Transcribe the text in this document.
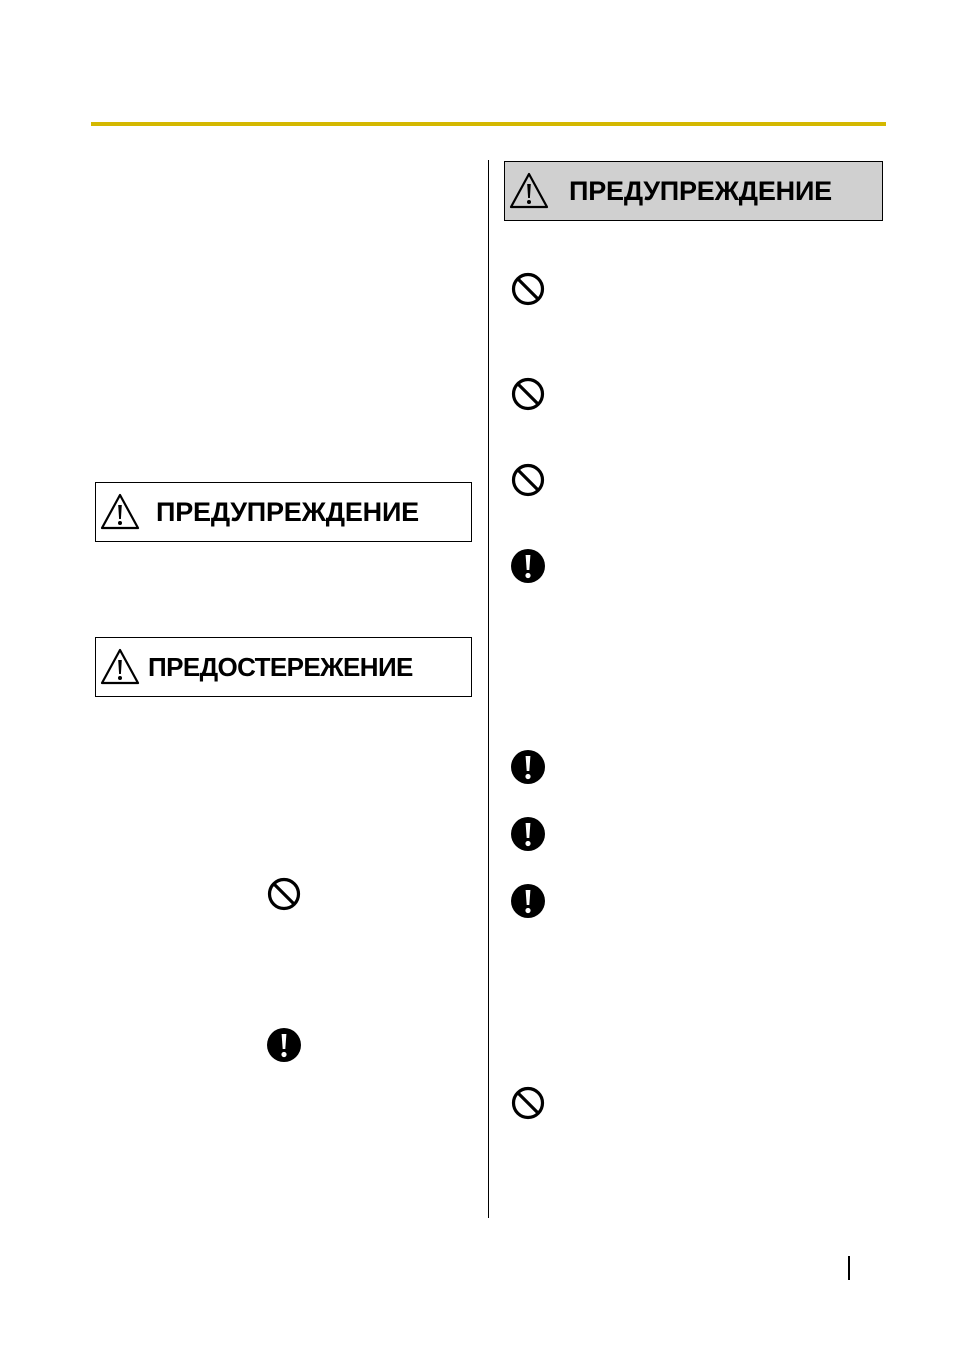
ПРЕДУПРЕЖДЕНИЕ
ПРЕДОСТЕРЕЖЕНИЕ
ПРЕДУПРЕЖДЕНИЕ
